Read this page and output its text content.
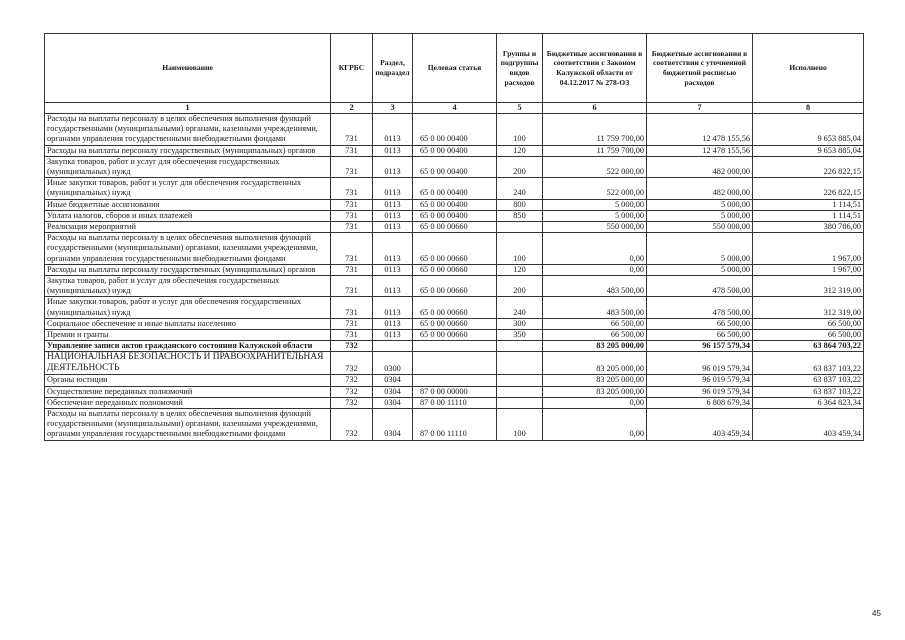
Наименование	КГРБС	Раздел, подраздел	Целевая статья	Группы и подгруппы видов расходов	Бюджетные ассигнования в соответствии с Законом Калужской области от 04.12.2017 № 278-ОЗ	Бюджетные ассигнования в соответствии с уточненной бюджетной росписью расходов	Исполнено
1	2	3	4	5	6	7	8
Расходы на выплаты персоналу в целях обеспечения выполнения функций государственными (муниципальными) органами, казенными учреждениями, органами управления государственными внебюджетными фондами	731	0113	65 0 00 00400	100	11 759 700,00	12 478 155,56	9 653 885,04
Расходы на выплаты персоналу государственных (муниципальных) органов	731	0113	65 0 00 00400	120	11 759 700,00	12 478 155,56	9 653 885,04
Закупка товаров, работ и услуг для обеспечения государственных (муниципальных) нужд	731	0113	65 0 00 00400	200	522 000,00	482 000,00	226 822,15
Иные закупки товаров, работ и услуг для обеспечения государственных (муниципальных) нужд	731	0113	65 0 00 00400	240	522 000,00	482 000,00	226 822,15
Иные бюджетные ассигнования	731	0113	65 0 00 00400	800	5 000,00	5 000,00	1 114,51
Уплата налогов, сборов и иных платежей	731	0113	65 0 00 00400	850	5 000,00	5 000,00	1 114,51
Реализация мероприятий	731	0113	65 0 00 00660		550 000,00	550 000,00	380 786,00
Расходы на выплаты персоналу в целях обеспечения выполнения функций государственными (муниципальными) органами, казенными учреждениями, органами управления государственными внебюджетными фондами	731	0113	65 0 00 00660	100	0,00	5 000,00	1 967,00
Расходы на выплаты персоналу государственных (муниципальных) органов	731	0113	65 0 00 00660	120	0,00	5 000,00	1 967,00
Закупка товаров, работ и услуг для обеспечения государственных (муниципальных) нужд	731	0113	65 0 00 00660	200	483 500,00	478 500,00	312 319,00
Иные закупки товаров, работ и услуг для обеспечения государственных (муниципальных) нужд	731	0113	65 0 00 00660	240	483 500,00	478 500,00	312 319,00
Социальное обеспечение и иные выплаты населению	731	0113	65 0 00 00660	300	66 500,00	66 500,00	66 500,00
Премии и гранты	731	0113	65 0 00 00660	350	66 500,00	66 500,00	66 500,00
Управление записи актов гражданского состояния Калужской области	732				83 205 000,00	96 157 579,34	63 864 703,22
НАЦИОНАЛЬНАЯ БЕЗОПАСНОСТЬ И ПРАВООХРАНИТЕЛЬНАЯ ДЕЯТЕЛЬНОСТЬ	732	0300			83 205 000,00	96 019 579,34	63 837 103,22
Органы юстиции	732	0304			83 205 000,00	96 019 579,34	63 837 103,22
Осуществление переданных полномочий	732	0304	87 0 00 00000		83 205 000,00	96 019 579,34	63 837 103,22
Обеспечение переданных полномочий	732	0304	87 0 00 11110		0,00	6 808 679,34	6 364 823,34
Расходы на выплаты персоналу в целях обеспечения выполнения функций государственными (муниципальными) органами, казенными учреждениями, органами управления государственными внебюджетными фондами	732	0304	87 0 00 11110	100	0,00	403 459,34	403 459,34
45
